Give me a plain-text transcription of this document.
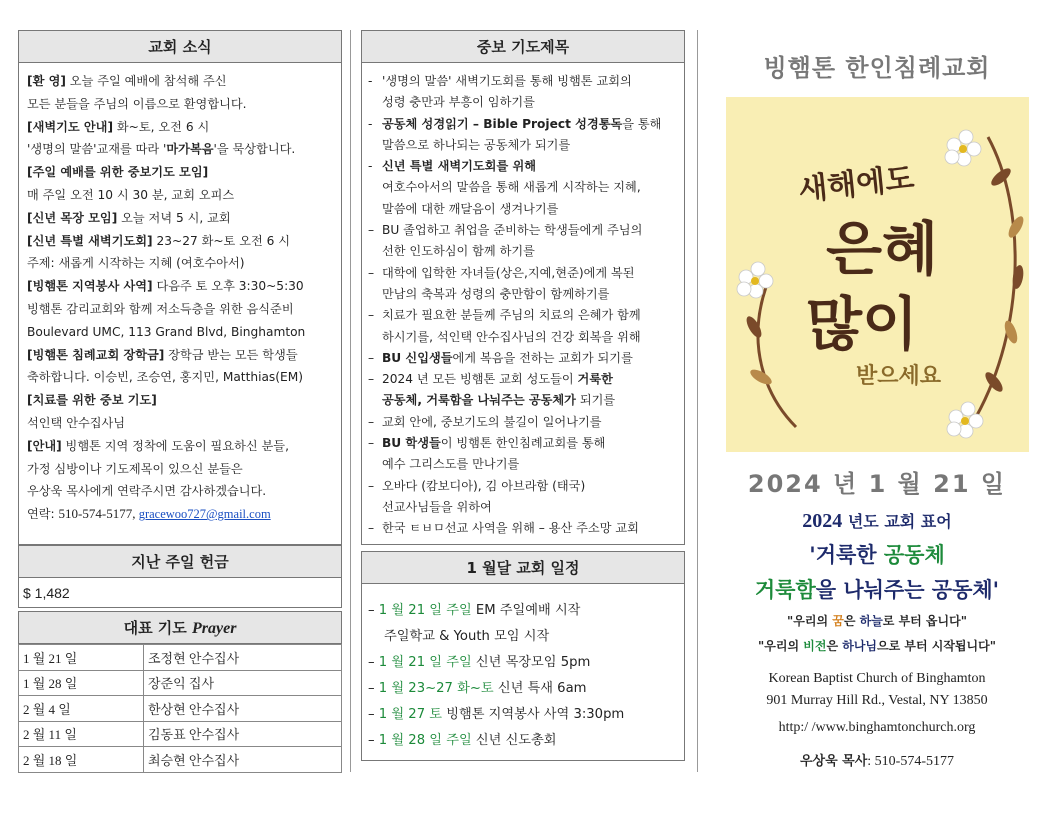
교회 소식
[환 영] 오늘 주일 예배에 참석해 주신
모든 분들을 주님의 이름으로 환영합니다.
[새벽기도 안내] 화~토, 오전 6 시
'생명의 말씀'교재를 따라 '마가복음'을 묵상합니다.
[주일 예배를 위한 중보기도 모임]
매 주일 오전 10 시 30 분, 교회 오피스
[신년 목장 모임] 오늘 저녁 5 시, 교회
[신년 특별 새벽기도회] 23~27 화~토 오전 6 시
주제: 새롭게 시작하는 지혜 (여호수아서)
[빙햄톤 지역봉사 사역] 다음주 토 오후 3:30~5:30
빙햄톤 감리교회와 함께 저소득층을 위한 음식준비
Boulevard UMC, 113 Grand Blvd, Binghamton
[빙햄톤 침례교회 장학금] 장학금 받는 모든 학생들
축하합니다. 이승빈, 조승연, 홍지민, Matthias(EM)
[치료를 위한 중보 기도]
석인택 안수집사님
[안내] 빙햄톤 지역 정착에 도움이 필요하신 분들,
가정 심방이나 기도제목이 있으신 분들은
우상욱 목사에게 연락주시면 감사하겠습니다.
연락: 510-574-5177, gracewoo727@gmail.com
지난 주일 헌금
$ 1,482
대표 기도 Prayer
1 월 21 일	조정현 안수집사
1 월 28 일	장준익 집사
2 월 4 일	한상현 안수집사
2 월 11 일	김동표 안수집사
2 월 18 일	최승현 안수집사
중보 기도제목
- '생명의 말씀' 새벽기도회를 통해 빙햄톤 교회의
성령 충만과 부흥이 임하기를
- 공동체 성경읽기 – Bible Project 성경통독을 통해
말씀으로 하나되는 공동체가 되기를
- 신년 특별 새벽기도회를 위해
여호수아서의 말씀을 통해 새롭게 시작하는 지혜,
말씀에 대한 깨달음이 생겨나기를
– BU 졸업하고 취업을 준비하는 학생들에게 주님의
선한 인도하심이 함께 하기를
– 대학에 입학한 자녀들(상은,지예,현준)에게 복된
만남의 축복과 성령의 충만함이 함께하기를
– 치료가 필요한 분들께 주님의 치료의 은혜가 함께
하시기를, 석인택 안수집사님의 건강 회복을 위해
– BU 신입생들에게 복음을 전하는 교회가 되기를
– 2024 년 모든 빙햄톤 교회 성도들이 거룩한
공동체, 거룩함을 나눠주는 공동체가 되기를
– 교회 안에, 중보기도의 불길이 일어나기를
– BU 학생들이 빙햄톤 한인침례교회를 통해
예수 그리스도를 만나기를
– 오바다 (캄보디아), 김 아브라함 (태국)
선교사님들을 위하여
– 한국 ㅌㅂㅁ선교 사역을 위해 – 용산 주소망 교회
1 월달 교회 일정
– 1 월 21 일 주일 EM 주일예배 시작
주일학교 & Youth 모임 시작
– 1 월 21 일 주일 신년 목장모임 5pm
– 1 월 23~27 화~토 신년 특새 6am
– 1 월 27 토 빙햄톤 지역봉사 사역 3:30pm
– 1 월 28 일 주일 신년 신도총회
빙햄톤 한인침례교회
새해에도
은혜
많이
받으세요
2024 년 1 월 21 일
2024 년도 교회 표어
'거룩한 공동체
거룩함을 나눠주는 공동체'
"우리의 꿈은 하늘로 부터 옵니다"
"우리의 비전은 하나님으로 부터 시작됩니다"
Korean Baptist Church of Binghamton
901 Murray Hill Rd., Vestal, NY 13850
http:/ /www.binghamtonchurch.org
우상욱 목사: 510-574-5177
